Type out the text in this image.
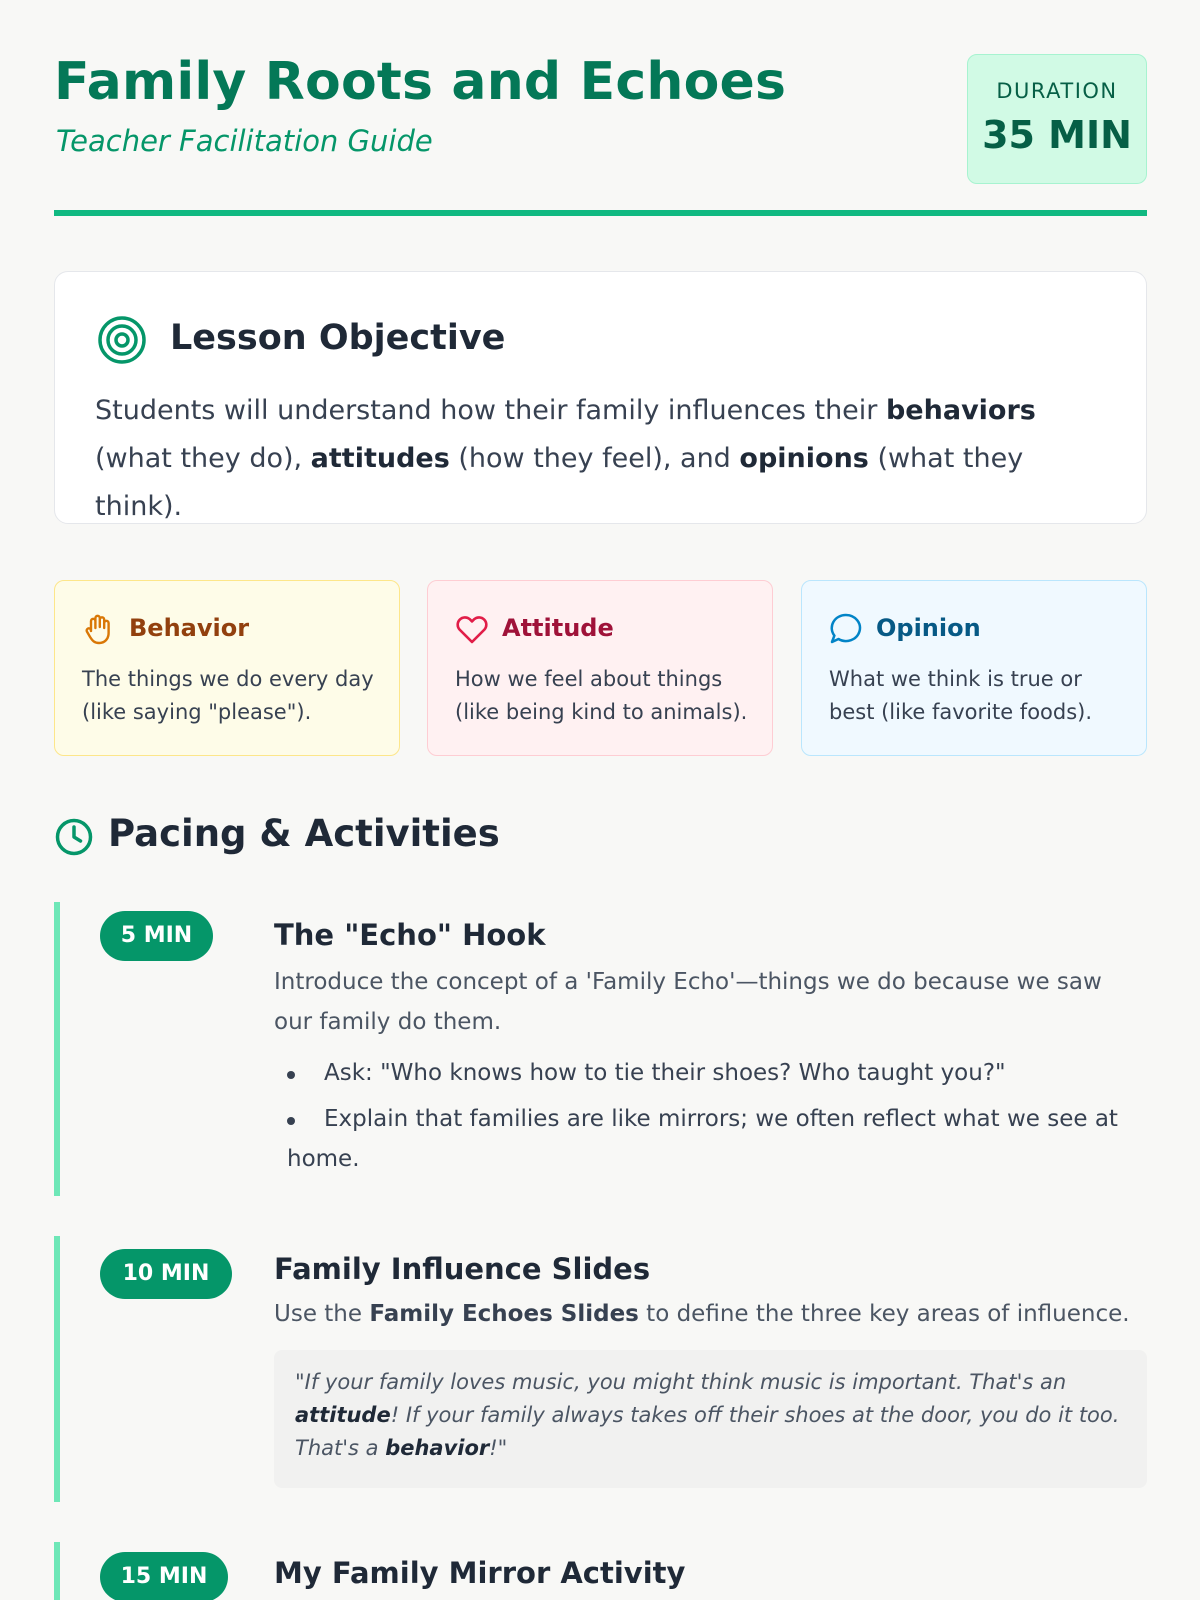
Family Roots and Echoes
Teacher Facilitation Guide
DURATION
35 MIN
Lesson Objective
Students will understand how their family influences their behaviors (what they do), attitudes (how they feel), and opinions (what they think).
Behavior
The things we do every day (like saying "please").
Attitude
How we feel about things (like being kind to animals).
Opinion
What we think is true or best (like favorite foods).
Pacing & Activities
5 MIN	The "Echo" Hook
Introduce the concept of a 'Family Echo'—things we do because we saw our family do them.
Ask: "Who knows how to tie their shoes? Who taught you?"
Explain that families are like mirrors; we often reflect what we see at home.
10 MIN	Family Influence Slides
Use the Family Echoes Slides to define the three key areas of influence.

"If your family loves music, you might think music is important. That's an attitude! If your family always takes off their shoes at the door, you do it too. That's a behavior!"

15 MIN	My Family Mirror Activity
